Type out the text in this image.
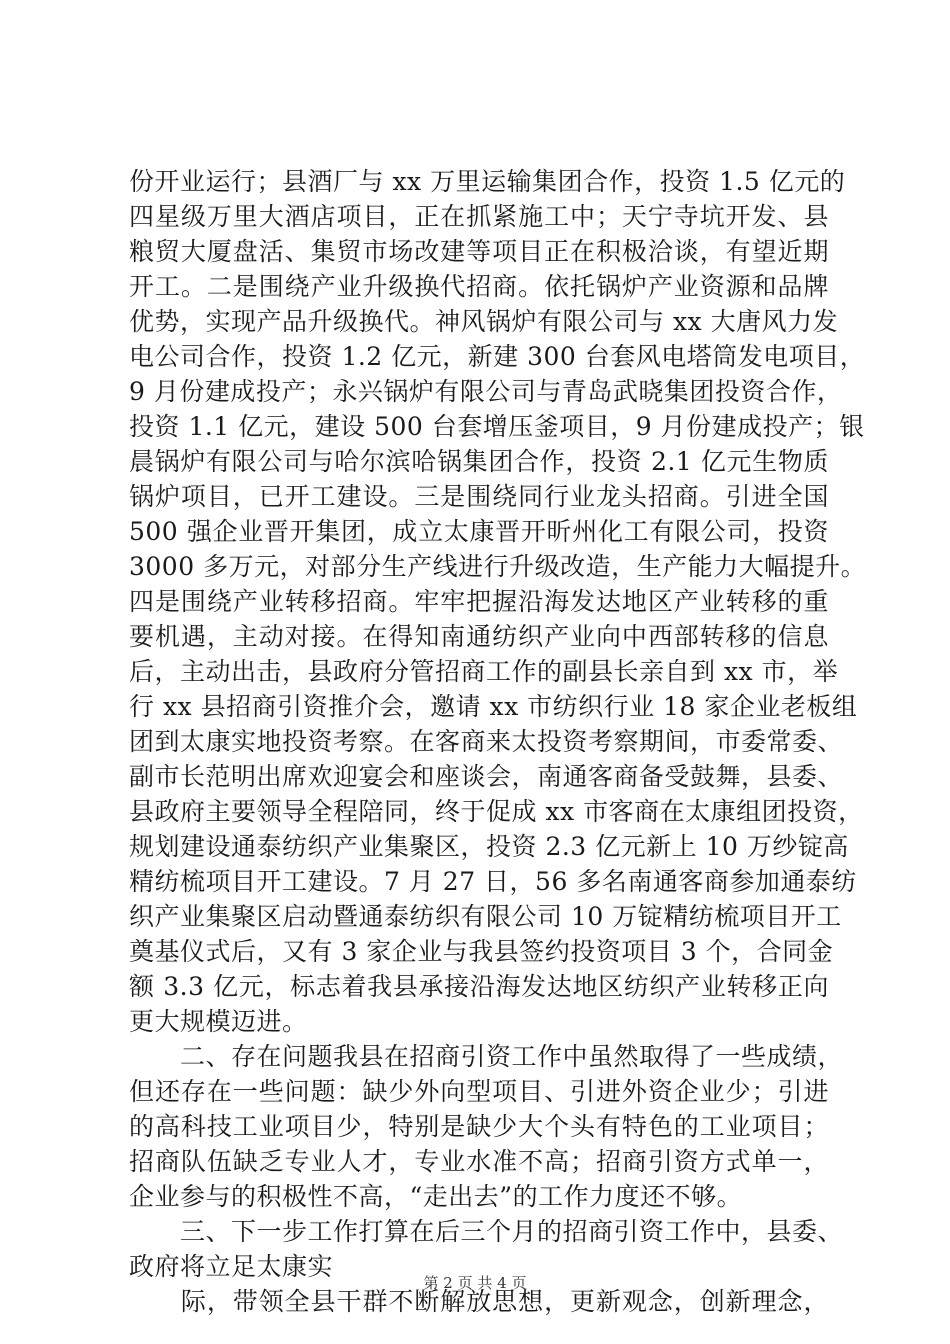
份开业运行；县酒厂与 xx 万里运输集团合作，投资 1.5 亿元的
四星级万里大酒店项目，正在抓紧施工中；天宁寺坑开发、县
粮贸大厦盘活、集贸市场改建等项目正在积极洽谈，有望近期
开工。二是围绕产业升级换代招商。依托锅炉产业资源和品牌
优势，实现产品升级换代。神风锅炉有限公司与 xx 大唐风力发
电公司合作，投资 1.2 亿元，新建 300 台套风电塔筒发电项目，
9 月份建成投产；永兴锅炉有限公司与青岛武晓集团投资合作，
投资 1.1 亿元，建设 500 台套增压釜项目，9 月份建成投产；银
晨锅炉有限公司与哈尔滨哈锅集团合作，投资 2.1 亿元生物质
锅炉项目，已开工建设。三是围绕同行业龙头招商。引进全国
500 强企业晋开集团，成立太康晋开昕州化工有限公司，投资
3000 多万元，对部分生产线进行升级改造，生产能力大幅提升。
四是围绕产业转移招商。牢牢把握沿海发达地区产业转移的重
要机遇，主动对接。在得知南通纺织产业向中西部转移的信息
后，主动出击，县政府分管招商工作的副县长亲自到 xx 市，举
行 xx 县招商引资推介会，邀请 xx 市纺织行业 18 家企业老板组
团到太康实地投资考察。在客商来太投资考察期间，市委常委、
副市长范明出席欢迎宴会和座谈会，南通客商备受鼓舞，县委、
县政府主要领导全程陪同，终于促成 xx 市客商在太康组团投资，
规划建设通泰纺织产业集聚区，投资 2.3 亿元新上 10 万纱锭高
精纺梳项目开工建设。7 月 27 日，56 多名南通客商参加通泰纺
织产业集聚区启动暨通泰纺织有限公司 10 万锭精纺梳项目开工
奠基仪式后，又有 3 家企业与我县签约投资项目 3 个，合同金
额 3.3 亿元，标志着我县承接沿海发达地区纺织产业转移正向
更大规模迈进。
　　二、存在问题我县在招商引资工作中虽然取得了一些成绩，
但还存在一些问题：缺少外向型项目、引进外资企业少；引进
的高科技工业项目少，特别是缺少大个头有特色的工业项目；
招商队伍缺乏专业人才，专业水准不高；招商引资方式单一，
企业参与的积极性不高，“走出去”的工作力度还不够。
　　三、下一步工作打算在后三个月的招商引资工作中，县委、
政府将立足太康实
　　际，带领全县干群不断解放思想，更新观念，创新理念，
第 2 页 共 4 页
